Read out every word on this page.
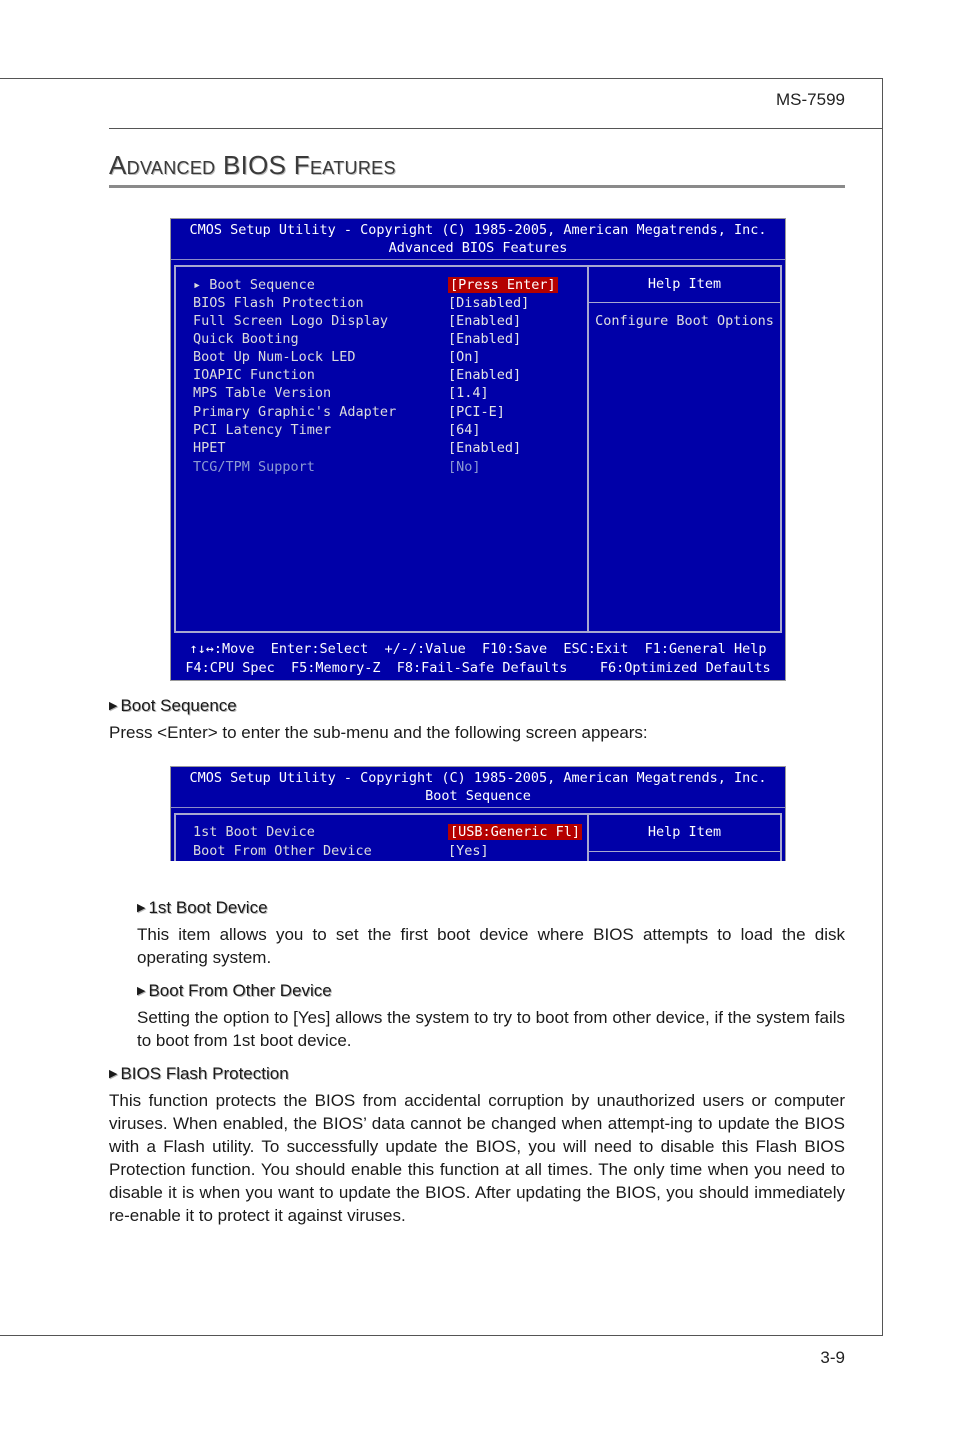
MS-7599
Advanced BIOS Features
CMOS Setup Utility - Copyright (C) 1985-2005, American Megatrends, Inc.
Advanced BIOS Features
▸ Boot Sequence	[Press Enter]
BIOS Flash Protection	[Disabled]
Full Screen Logo Display	[Enabled]
Quick Booting	[Enabled]
Boot Up Num-Lock LED	[On]
IOAPIC Function	[Enabled]
MPS Table Version	[1.4]
Primary Graphic's Adapter	[PCI-E]
PCI Latency Timer	[64]
HPET	[Enabled]
TCG/TPM Support	[No]
Help Item
Configure Boot Options
↑↓↔:Move  Enter:Select  +/-/:Value  F10:Save  ESC:Exit  F1:General Help
F4:CPU Spec  F5:Memory-Z  F8:Fail-Safe Defaults    F6:Optimized Defaults
▶ Boot Sequence
Press <Enter> to enter the sub-menu and the following screen appears:
CMOS Setup Utility - Copyright (C) 1985-2005, American Megatrends, Inc.
Boot Sequence
1st Boot Device	[USB:Generic Fl]
Boot From Other Device	[Yes]
Help Item
▶ 1st Boot Device
This item allows you to set the first boot device where BIOS attempts to load the disk operating system.
▶ Boot From Other Device
Setting the option to [Yes] allows the system to try to boot from other device, if the system fails to boot from 1st boot device.
▶ BIOS Flash Protection
This function protects the BIOS from accidental corruption by unauthorized users or computer viruses. When enabled, the BIOS’ data cannot be changed when attempt-ing to update the BIOS with a Flash utility. To successfully update the BIOS, you will need to disable this Flash BIOS Protection function. You should enable this function at all times. The only time when you need to disable it is when you want to update the BIOS. After updating the BIOS, you should immediately re-enable it to protect it against viruses.
3-9
